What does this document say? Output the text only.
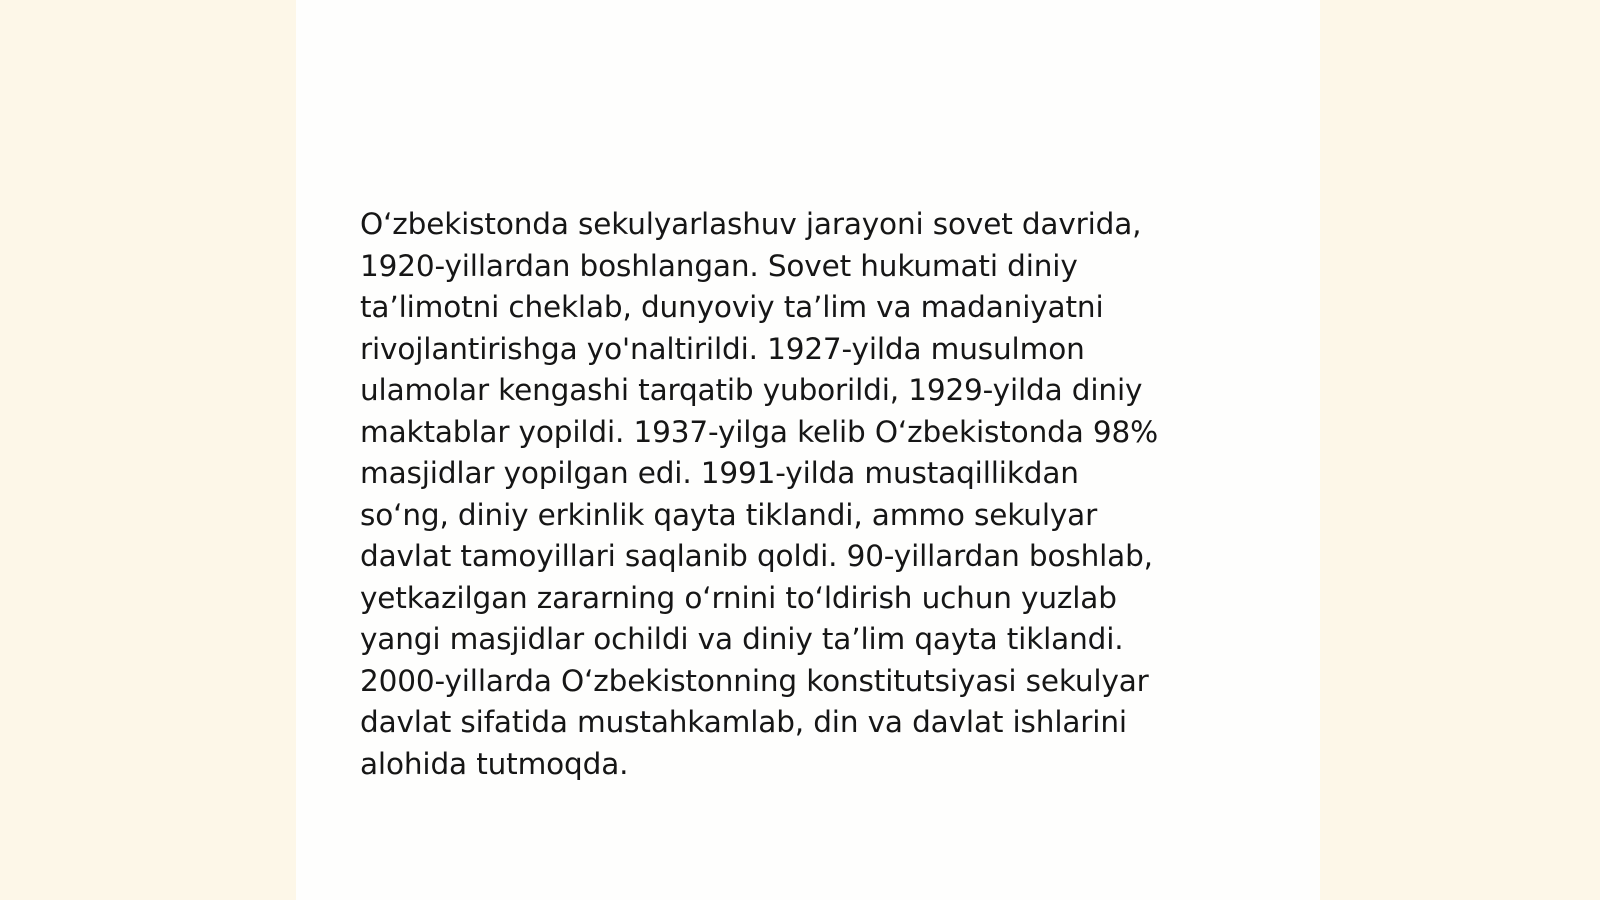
O‘zbekistonda sekulyarlashuv jarayoni sovet davrida,
1920-yillardan boshlangan. Sovet hukumati diniy
ta’limotni cheklab, dunyoviy ta’lim va madaniyatni
rivojlantirishga yo'naltirildi. 1927-yilda musulmon
ulamolar kengashi tarqatib yuborildi, 1929-yilda diniy
maktablar yopildi. 1937-yilga kelib O‘zbekistonda 98%
masjidlar yopilgan edi. 1991-yilda mustaqillikdan
so‘ng, diniy erkinlik qayta tiklandi, ammo sekulyar
davlat tamoyillari saqlanib qoldi. 90-yillardan boshlab,
yetkazilgan zararning o‘rnini to‘ldirish uchun yuzlab
yangi masjidlar ochildi va diniy ta’lim qayta tiklandi.
2000-yillarda O‘zbekistonning konstitutsiyasi sekulyar
davlat sifatida mustahkamlab, din va davlat ishlarini
alohida tutmoqda.
